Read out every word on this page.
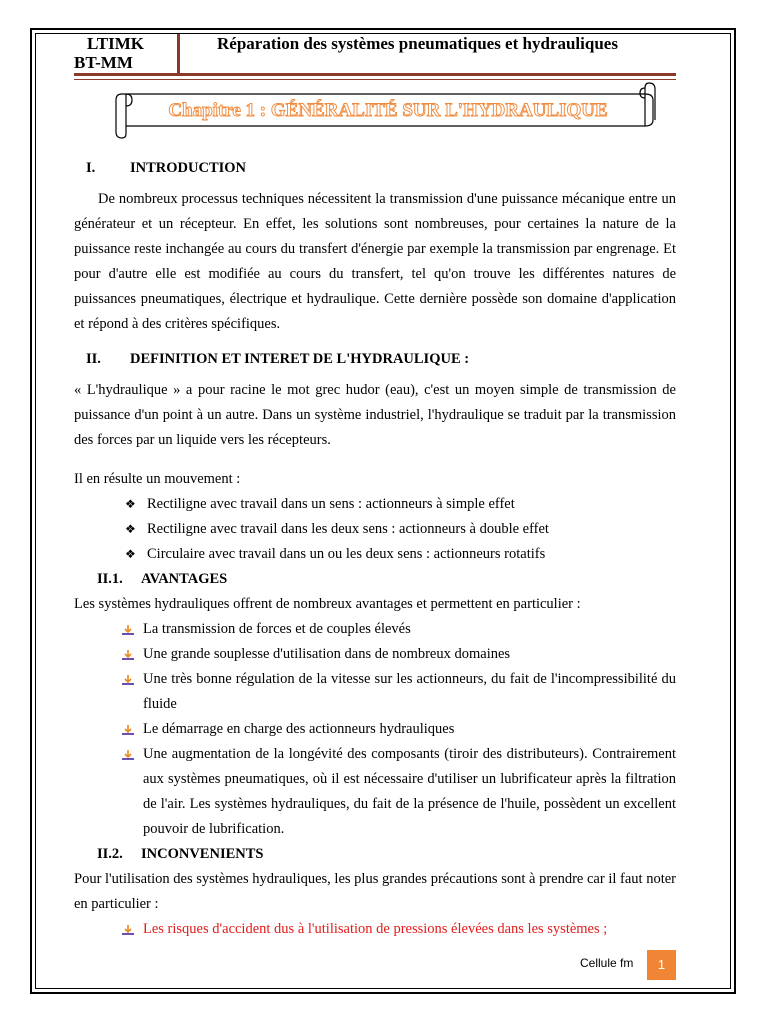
LTIMK
BT-MM
Réparation des systèmes pneumatiques et hydrauliques
Chapitre 1 : GÉNÉRALITÉ SUR L'HYDRAULIQUE
I.	INTRODUCTION

De nombreux processus techniques nécessitent la transmission d'une puissance mécanique entre un générateur et un récepteur. En effet, les solutions sont nombreuses, pour certaines la nature de la puissance reste inchangée au cours du transfert d'énergie par exemple la transmission par engrenage. Et pour d'autre elle est modifiée au cours du transfert, tel qu'on trouve les différentes natures de puissances pneumatiques, électrique et hydraulique. Cette dernière possède son domaine d'application et répond à des critères spécifiques.

II.	DEFINITION ET INTERET DE L'HYDRAULIQUE :

« L'hydraulique » a pour racine le mot grec hudor (eau), c'est un moyen simple de transmission de puissance d'un point à un autre. Dans un système industriel, l'hydraulique se traduit par la transmission des forces par un liquide vers les récepteurs.

Il en résulte un mouvement :

❖ Rectiligne avec travail dans un sens : actionneurs à simple effet
❖ Rectiligne avec travail dans les deux sens : actionneurs à double effet
❖ Circulaire avec travail dans un ou les deux sens : actionneurs rotatifs
II.1.	AVANTAGES

Les systèmes hydrauliques offrent de nombreux avantages et permettent en particulier :

La transmission de forces et de couples élevés
Une grande souplesse d'utilisation dans de nombreux domaines
Une très bonne régulation de la vitesse sur les actionneurs, du fait de l'incompressibilité du fluide
Le démarrage en charge des actionneurs hydrauliques
Une augmentation de la longévité des composants (tiroir des distributeurs). Contrairement aux systèmes pneumatiques, où il est nécessaire d'utiliser un lubrificateur après la filtration de l'air. Les systèmes hydrauliques, du fait de la présence de l'huile, possèdent un excellent pouvoir de lubrification.
II.2.	INCONVENIENTS

Pour l'utilisation des systèmes hydrauliques, les plus grandes précautions sont à prendre car il faut noter en particulier :

Les risques d'accident dus à l'utilisation de pressions élevées dans les systèmes ;
Cellule fm	1
